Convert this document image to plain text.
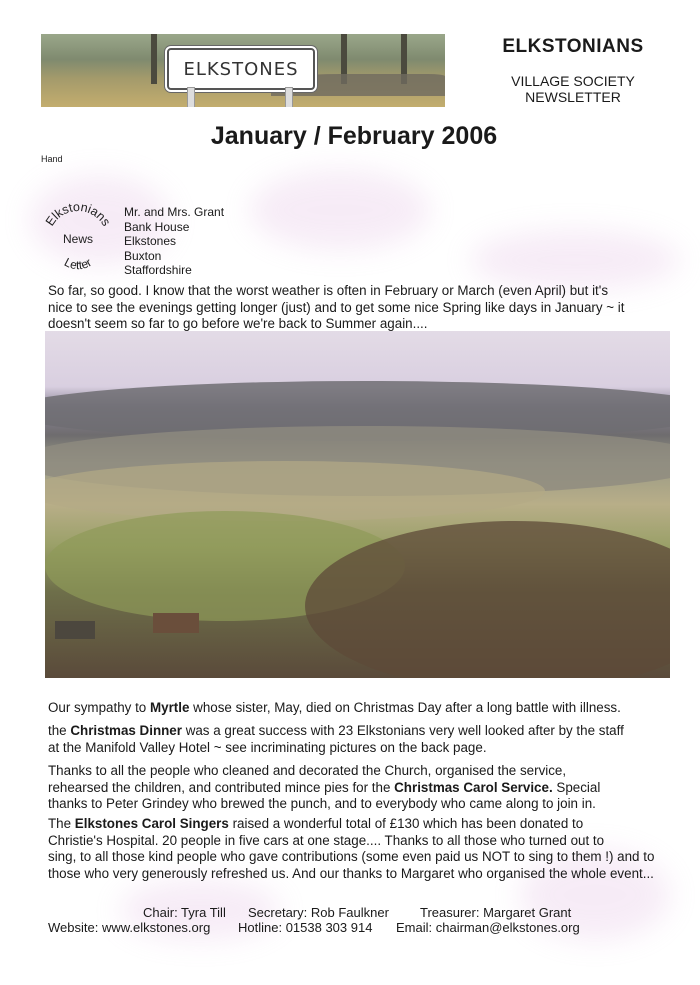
ELKSTONES
ELKSTONIANS
VILLAGE SOCIETY
NEWSLETTER
January / February 2006
Hand
Elkstonians
News
Letter
Mr. and Mrs. Grant
Bank House
Elkstones
Buxton
Staffordshire
So far, so good. I know that the worst weather is often in February or March (even April) but it's
nice to see the evenings getting longer (just) and to get some nice Spring like days in January ~ it
doesn't seem so far to go before we're back to Summer again....
Our sympathy to Myrtle whose sister, May, died on Christmas Day after a long battle with illness.
the Christmas Dinner was a great success with 23 Elkstonians very well looked after by the staff
at the Manifold Valley Hotel ~ see incriminating pictures on the back page.
Thanks to all the people who cleaned and decorated the Church, organised the service,
rehearsed the children, and contributed mince pies for the Christmas Carol Service. Special
thanks to Peter Grindey who brewed the punch, and to everybody who came along to join in.
The Elkstones Carol Singers raised a wonderful total of £130 which has been donated to
Christie's Hospital. 20 people in five cars at one stage.... Thanks to all those who turned out to
sing, to all those kind people who gave contributions (some even paid us NOT to sing to them !) and to
those who very generously refreshed us. And our thanks to Margaret who organised the whole event...
Chair: Tyra Till Secretary: Rob Faulkner Treasurer: Margaret Grant
Website: www.elkstones.org Hotline: 01538 303 914 Email: chairman@elkstones.org
